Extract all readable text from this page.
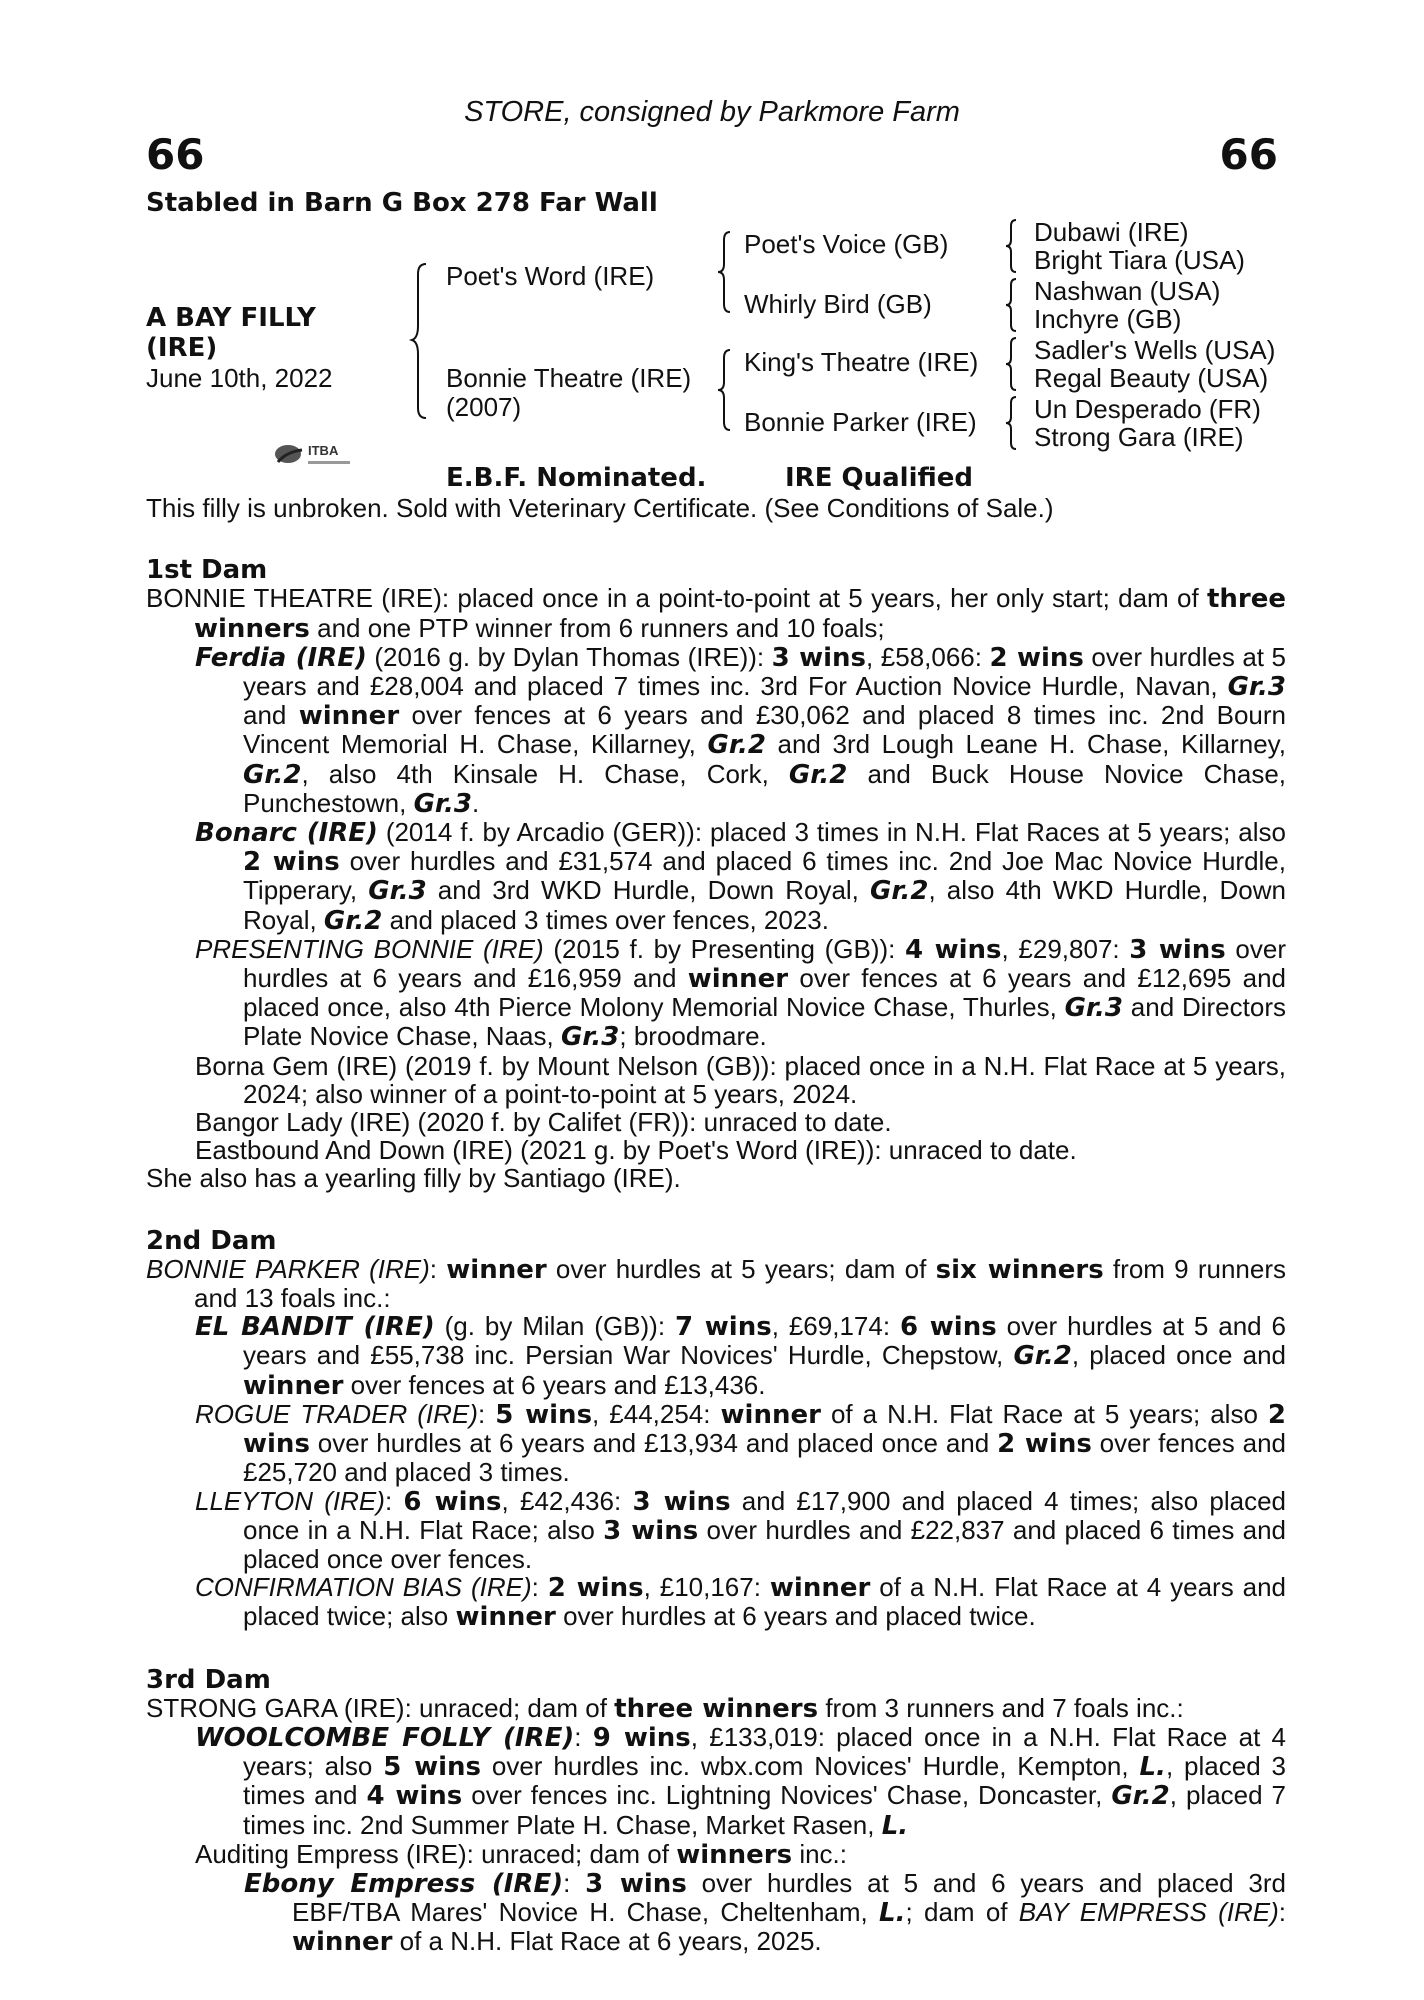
STORE, consigned by Parkmore Farm
66	66
Stabled in Barn G Box 278 Far Wall
A BAY FILLY
(IRE)
June 10th, 2022
Poet's Word (IRE)
Bonnie Theatre (IRE)
(2007)
Poet's Voice (GB)
Whirly Bird (GB)
King's Theatre (IRE)
Bonnie Parker (IRE)
Dubawi (IRE)
Bright Tiara (USA)
Nashwan (USA)
Inchyre (GB)
Sadler's Wells (USA)
Regal Beauty (USA)
Un Desperado (FR)
Strong Gara (IRE)
ITBA
E.B.F. Nominated.	IRE Qualified

This filly is unbroken. Sold with Veterinary Certificate. (See Conditions of Sale.)

1st Dam

BONNIE THEATRE (IRE): placed once in a point-to-point at 5 years, her only start; dam of three winners and one PTP winner from 6 runners and 10 foals;

Ferdia (IRE) (2016 g. by Dylan Thomas (IRE)): 3 wins, £58,066: 2 wins over hurdles at 5 years and £28,004 and placed 7 times inc. 3rd For Auction Novice Hurdle, Navan, Gr.3 and winner over fences at 6 years and £30,062 and placed 8 times inc. 2nd Bourn Vincent Memorial H. Chase, Killarney, Gr.2 and 3rd Lough Leane H. Chase, Killarney, Gr.2, also 4th Kinsale H. Chase, Cork, Gr.2 and Buck House Novice Chase, Punchestown, Gr.3.

Bonarc (IRE) (2014 f. by Arcadio (GER)): placed 3 times in N.H. Flat Races at 5 years; also 2 wins over hurdles and £31,574 and placed 6 times inc. 2nd Joe Mac Novice Hurdle, Tipperary, Gr.3 and 3rd WKD Hurdle, Down Royal, Gr.2, also 4th WKD Hurdle, Down Royal, Gr.2 and placed 3 times over fences, 2023.

PRESENTING BONNIE (IRE) (2015 f. by Presenting (GB)): 4 wins, £29,807: 3 wins over hurdles at 6 years and £16,959 and winner over fences at 6 years and £12,695 and placed once, also 4th Pierce Molony Memorial Novice Chase, Thurles, Gr.3 and Directors Plate Novice Chase, Naas, Gr.3; broodmare.

Borna Gem (IRE) (2019 f. by Mount Nelson (GB)): placed once in a N.H. Flat Race at 5 years, 2024; also winner of a point-to-point at 5 years, 2024.

Bangor Lady (IRE) (2020 f. by Califet (FR)): unraced to date.

Eastbound And Down (IRE) (2021 g. by Poet's Word (IRE)): unraced to date.

She also has a yearling filly by Santiago (IRE).

2nd Dam

BONNIE PARKER (IRE): winner over hurdles at 5 years; dam of six winners from 9 runners and 13 foals inc.:

EL BANDIT (IRE) (g. by Milan (GB)): 7 wins, £69,174: 6 wins over hurdles at 5 and 6 years and £55,738 inc. Persian War Novices' Hurdle, Chepstow, Gr.2, placed once and winner over fences at 6 years and £13,436.

ROGUE TRADER (IRE): 5 wins, £44,254: winner of a N.H. Flat Race at 5 years; also 2 wins over hurdles at 6 years and £13,934 and placed once and 2 wins over fences and £25,720 and placed 3 times.

LLEYTON (IRE): 6 wins, £42,436: 3 wins and £17,900 and placed 4 times; also placed once in a N.H. Flat Race; also 3 wins over hurdles and £22,837 and placed 6 times and placed once over fences.

CONFIRMATION BIAS (IRE): 2 wins, £10,167: winner of a N.H. Flat Race at 4 years and placed twice; also winner over hurdles at 6 years and placed twice.

3rd Dam

STRONG GARA (IRE): unraced; dam of three winners from 3 runners and 7 foals inc.:

WOOLCOMBE FOLLY (IRE): 9 wins, £133,019: placed once in a N.H. Flat Race at 4 years; also 5 wins over hurdles inc. wbx.com Novices' Hurdle, Kempton, L., placed 3 times and 4 wins over fences inc. Lightning Novices' Chase, Doncaster, Gr.2, placed 7 times inc. 2nd Summer Plate H. Chase, Market Rasen, L.

Auditing Empress (IRE): unraced; dam of winners inc.:

Ebony Empress (IRE): 3 wins over hurdles at 5 and 6 years and placed 3rd EBF/TBA Mares' Novice H. Chase, Cheltenham, L.; dam of BAY EMPRESS (IRE): winner of a N.H. Flat Race at 6 years, 2025.
